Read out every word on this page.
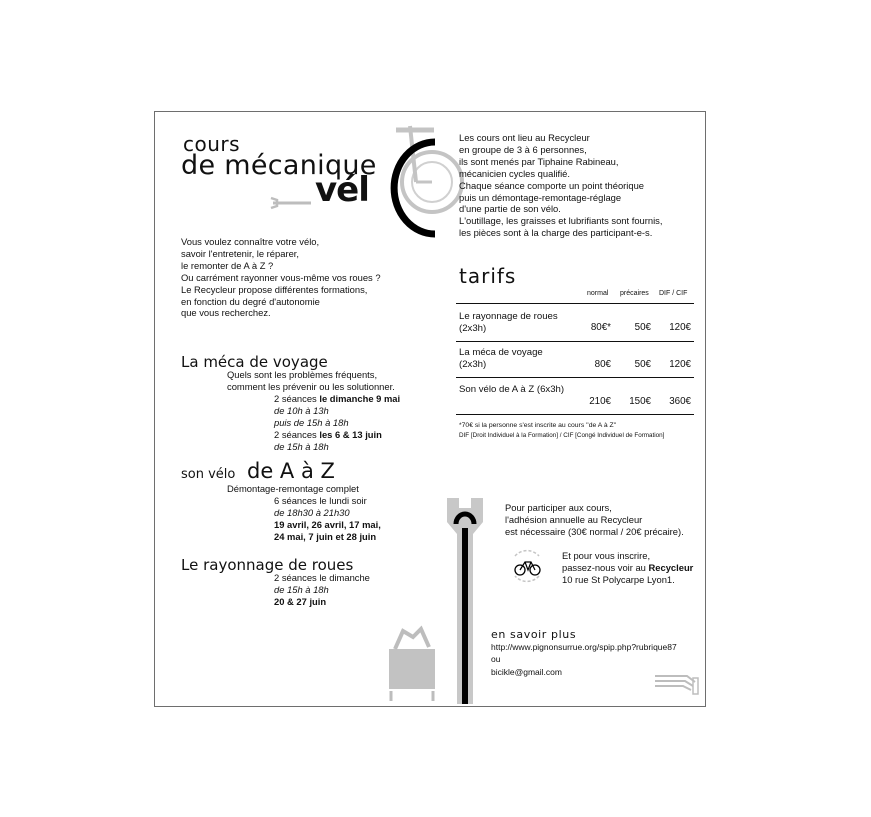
cours
de mécanique
vél
Vous voulez connaître votre vélo,
savoir l'entretenir, le réparer,
le remonter de A à Z ?
Ou carrément rayonner vous-même vos roues ?
Le Recycleur propose différentes formations,
en fonction du degré d'autonomie
que vous recherchez.
La méca de voyage
Quels sont les problèmes fréquents,
comment les prévenir ou les solutionner.
2 séances le dimanche 9 mai
de 10h à 13h
puis de 15h à 18h
2 séances les 6 & 13 juin
de 15h à 18h
son vélo de A à Z
Démontage-remontage complet
6 séances le lundi soir
de 18h30 à 21h30
19 avril, 26 avril, 17 mai,
24 mai, 7 juin et 28 juin
Le rayonnage de roues
2 séances le dimanche
de 15h à 18h
20 & 27 juin
Les cours ont lieu au Recycleur
en groupe de 3 à 6 personnes,
ils sont menés par Tiphaine Rabineau,
mécanicien cycles qualifié.
Chaque séance comporte un point théorique
puis un démontage-remontage-réglage
d'une partie de son vélo.
L'outillage, les graisses et lubrifiants sont fournis,
les pièces sont à la charge des participant-e-s.
tarifs
normal précaires DIF / CIF
Le rayonnage de roues
(2x3h)	80€*	50€	120€
La méca de voyage
(2x3h)	80€	50€	120€
Son vélo de A à Z (6x3h)
210€	150€	360€
*70€ si la personne s'est inscrite au cours ''de A à Z''
DIF [Droit Individuel à la Formation] / CIF [Congé Individuel de Formation]
Pour participer aux cours,
l'adhésion annuelle au Recycleur
est nécessaire (30€ normal / 20€ précaire).
Et pour vous inscrire,
passez-nous voir au Recycleur
10 rue St Polycarpe Lyon1.
en savoir plus
http://www.pignonsurrue.org/spip.php?rubrique87
ou
bicikle@gmail.com
